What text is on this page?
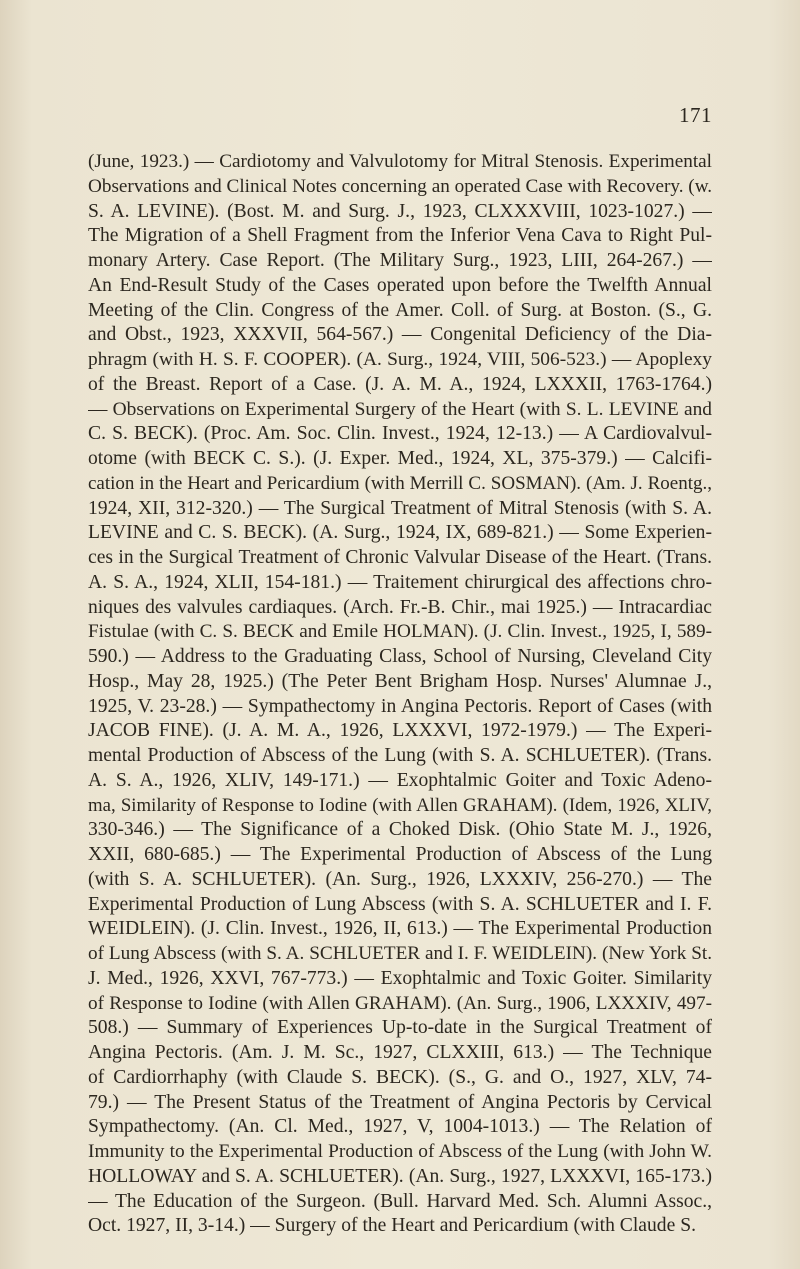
171
(June, 1923.) — Cardiotomy and Valvulotomy for Mitral Stenosis. Experimental
Observations and Clinical Notes concerning an operated Case with Recovery. (w.
S. A. LEVINE). (Bost. M. and Surg. J., 1923, CLXXXVIII, 1023-1027.) —
The Migration of a Shell Fragment from the Inferior Vena Cava to Right Pul-
monary Artery. Case Report. (The Military Surg., 1923, LIII, 264-267.) —
An End-Result Study of the Cases operated upon before the Twelfth Annual
Meeting of the Clin. Congress of the Amer. Coll. of Surg. at Boston. (S., G.
and Obst., 1923, XXXVII, 564-567.) — Congenital Deficiency of the Dia-
phragm (with H. S. F. COOPER). (A. Surg., 1924, VIII, 506-523.) — Apoplexy
of the Breast. Report of a Case. (J. A. M. A., 1924, LXXXII, 1763-1764.)
— Observations on Experimental Surgery of the Heart (with S. L. LEVINE and
C. S. BECK). (Proc. Am. Soc. Clin. Invest., 1924, 12-13.) — A Cardiovalvul-
otome (with BECK C. S.). (J. Exper. Med., 1924, XL, 375-379.) — Calcifi-
cation in the Heart and Pericardium (with Merrill C. SOSMAN). (Am. J. Roentg.,
1924, XII, 312-320.) — The Surgical Treatment of Mitral Stenosis (with S. A.
LEVINE and C. S. BECK). (A. Surg., 1924, IX, 689-821.) — Some Experien-
ces in the Surgical Treatment of Chronic Valvular Disease of the Heart. (Trans.
A. S. A., 1924, XLII, 154-181.) — Traitement chirurgical des affections chro-
niques des valvules cardiaques. (Arch. Fr.-B. Chir., mai 1925.) — Intracardiac
Fistulae (with C. S. BECK and Emile HOLMAN). (J. Clin. Invest., 1925, I, 589-
590.) — Address to the Graduating Class, School of Nursing, Cleveland City
Hosp., May 28, 1925.) (The Peter Bent Brigham Hosp. Nurses' Alumnae J.,
1925, V. 23-28.) — Sympathectomy in Angina Pectoris. Report of Cases (with
JACOB FINE). (J. A. M. A., 1926, LXXXVI, 1972-1979.) — The Experi-
mental Production of Abscess of the Lung (with S. A. SCHLUETER). (Trans.
A. S. A., 1926, XLIV, 149-171.) — Exophtalmic Goiter and Toxic Adeno-
ma, Similarity of Response to Iodine (with Allen GRAHAM). (Idem, 1926, XLIV,
330-346.) — The Significance of a Choked Disk. (Ohio State M. J., 1926,
XXII, 680-685.) — The Experimental Production of Abscess of the Lung
(with S. A. SCHLUETER). (An. Surg., 1926, LXXXIV, 256-270.) — The
Experimental Production of Lung Abscess (with S. A. SCHLUETER and I. F.
WEIDLEIN). (J. Clin. Invest., 1926, II, 613.) — The Experimental Production
of Lung Abscess (with S. A. SCHLUETER and I. F. WEIDLEIN). (New York St.
J. Med., 1926, XXVI, 767-773.) — Exophtalmic and Toxic Goiter. Similarity
of Response to Iodine (with Allen GRAHAM). (An. Surg., 1906, LXXXIV, 497-
508.) — Summary of Experiences Up-to-date in the Surgical Treatment of
Angina Pectoris. (Am. J. M. Sc., 1927, CLXXIII, 613.) — The Technique
of Cardiorrhaphy (with Claude S. BECK). (S., G. and O., 1927, XLV, 74-
79.) — The Present Status of the Treatment of Angina Pectoris by Cervical
Sympathectomy. (An. Cl. Med., 1927, V, 1004-1013.) — The Relation of
Immunity to the Experimental Production of Abscess of the Lung (with John W.
HOLLOWAY and S. A. SCHLUETER). (An. Surg., 1927, LXXXVI, 165-173.)
— The Education of the Surgeon. (Bull. Harvard Med. Sch. Alumni Assoc.,
Oct. 1927, II, 3-14.) — Surgery of the Heart and Pericardium (with Claude S.
